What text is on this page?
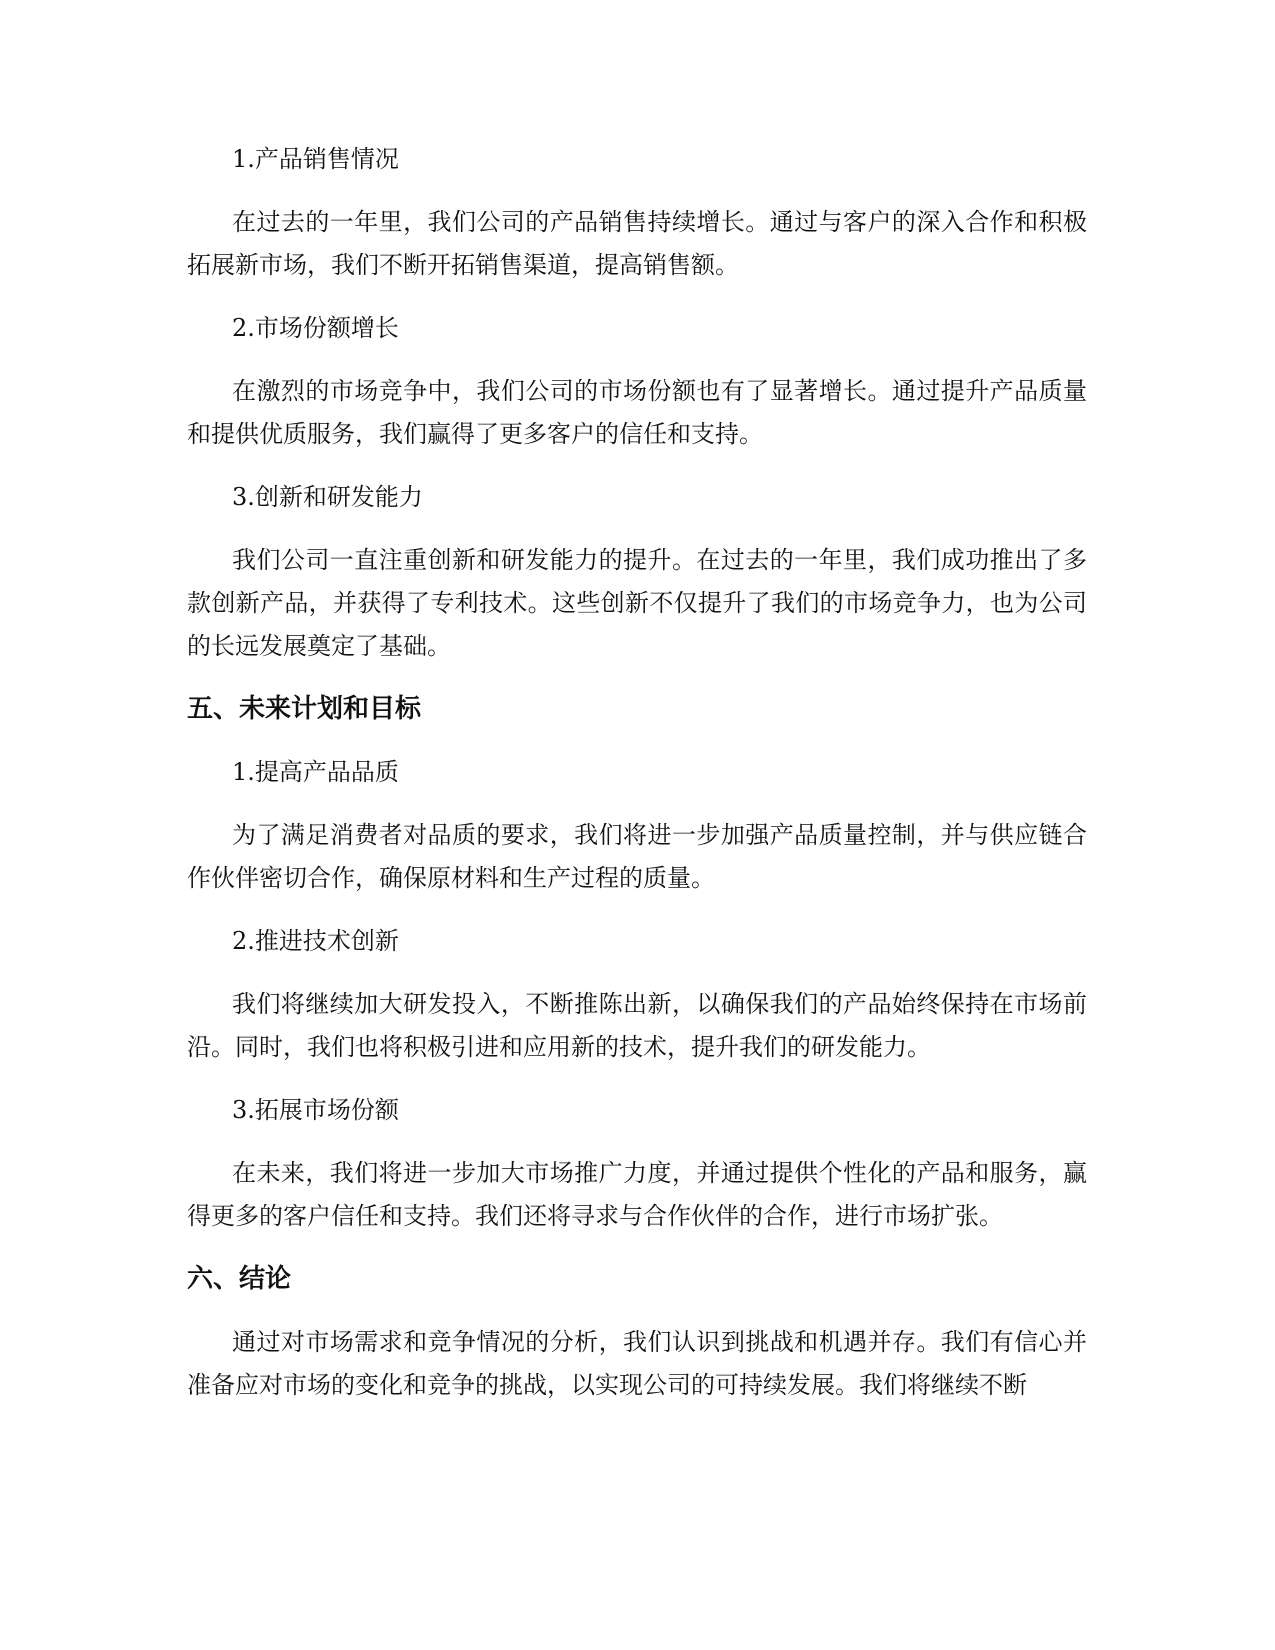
1.产品销售情况

在过去的一年里，我们公司的产品销售持续增长。通过与客户的深入合作和积极拓展新市场，我们不断开拓销售渠道，提高销售额。

2.市场份额增长

在激烈的市场竞争中，我们公司的市场份额也有了显著增长。通过提升产品质量和提供优质服务，我们赢得了更多客户的信任和支持。

3.创新和研发能力

我们公司一直注重创新和研发能力的提升。在过去的一年里，我们成功推出了多款创新产品，并获得了专利技术。这些创新不仅提升了我们的市场竞争力，也为公司的长远发展奠定了基础。

五、未来计划和目标

1.提高产品品质

为了满足消费者对品质的要求，我们将进一步加强产品质量控制，并与供应链合作伙伴密切合作，确保原材料和生产过程的质量。

2.推进技术创新

我们将继续加大研发投入，不断推陈出新，以确保我们的产品始终保持在市场前沿。同时，我们也将积极引进和应用新的技术，提升我们的研发能力。

3.拓展市场份额

在未来，我们将进一步加大市场推广力度，并通过提供个性化的产品和服务，赢得更多的客户信任和支持。我们还将寻求与合作伙伴的合作，进行市场扩张。

六、结论

通过对市场需求和竞争情况的分析，我们认识到挑战和机遇并存。我们有信心并准备应对市场的变化和竞争的挑战，以实现公司的可持续发展。我们将继续不断
